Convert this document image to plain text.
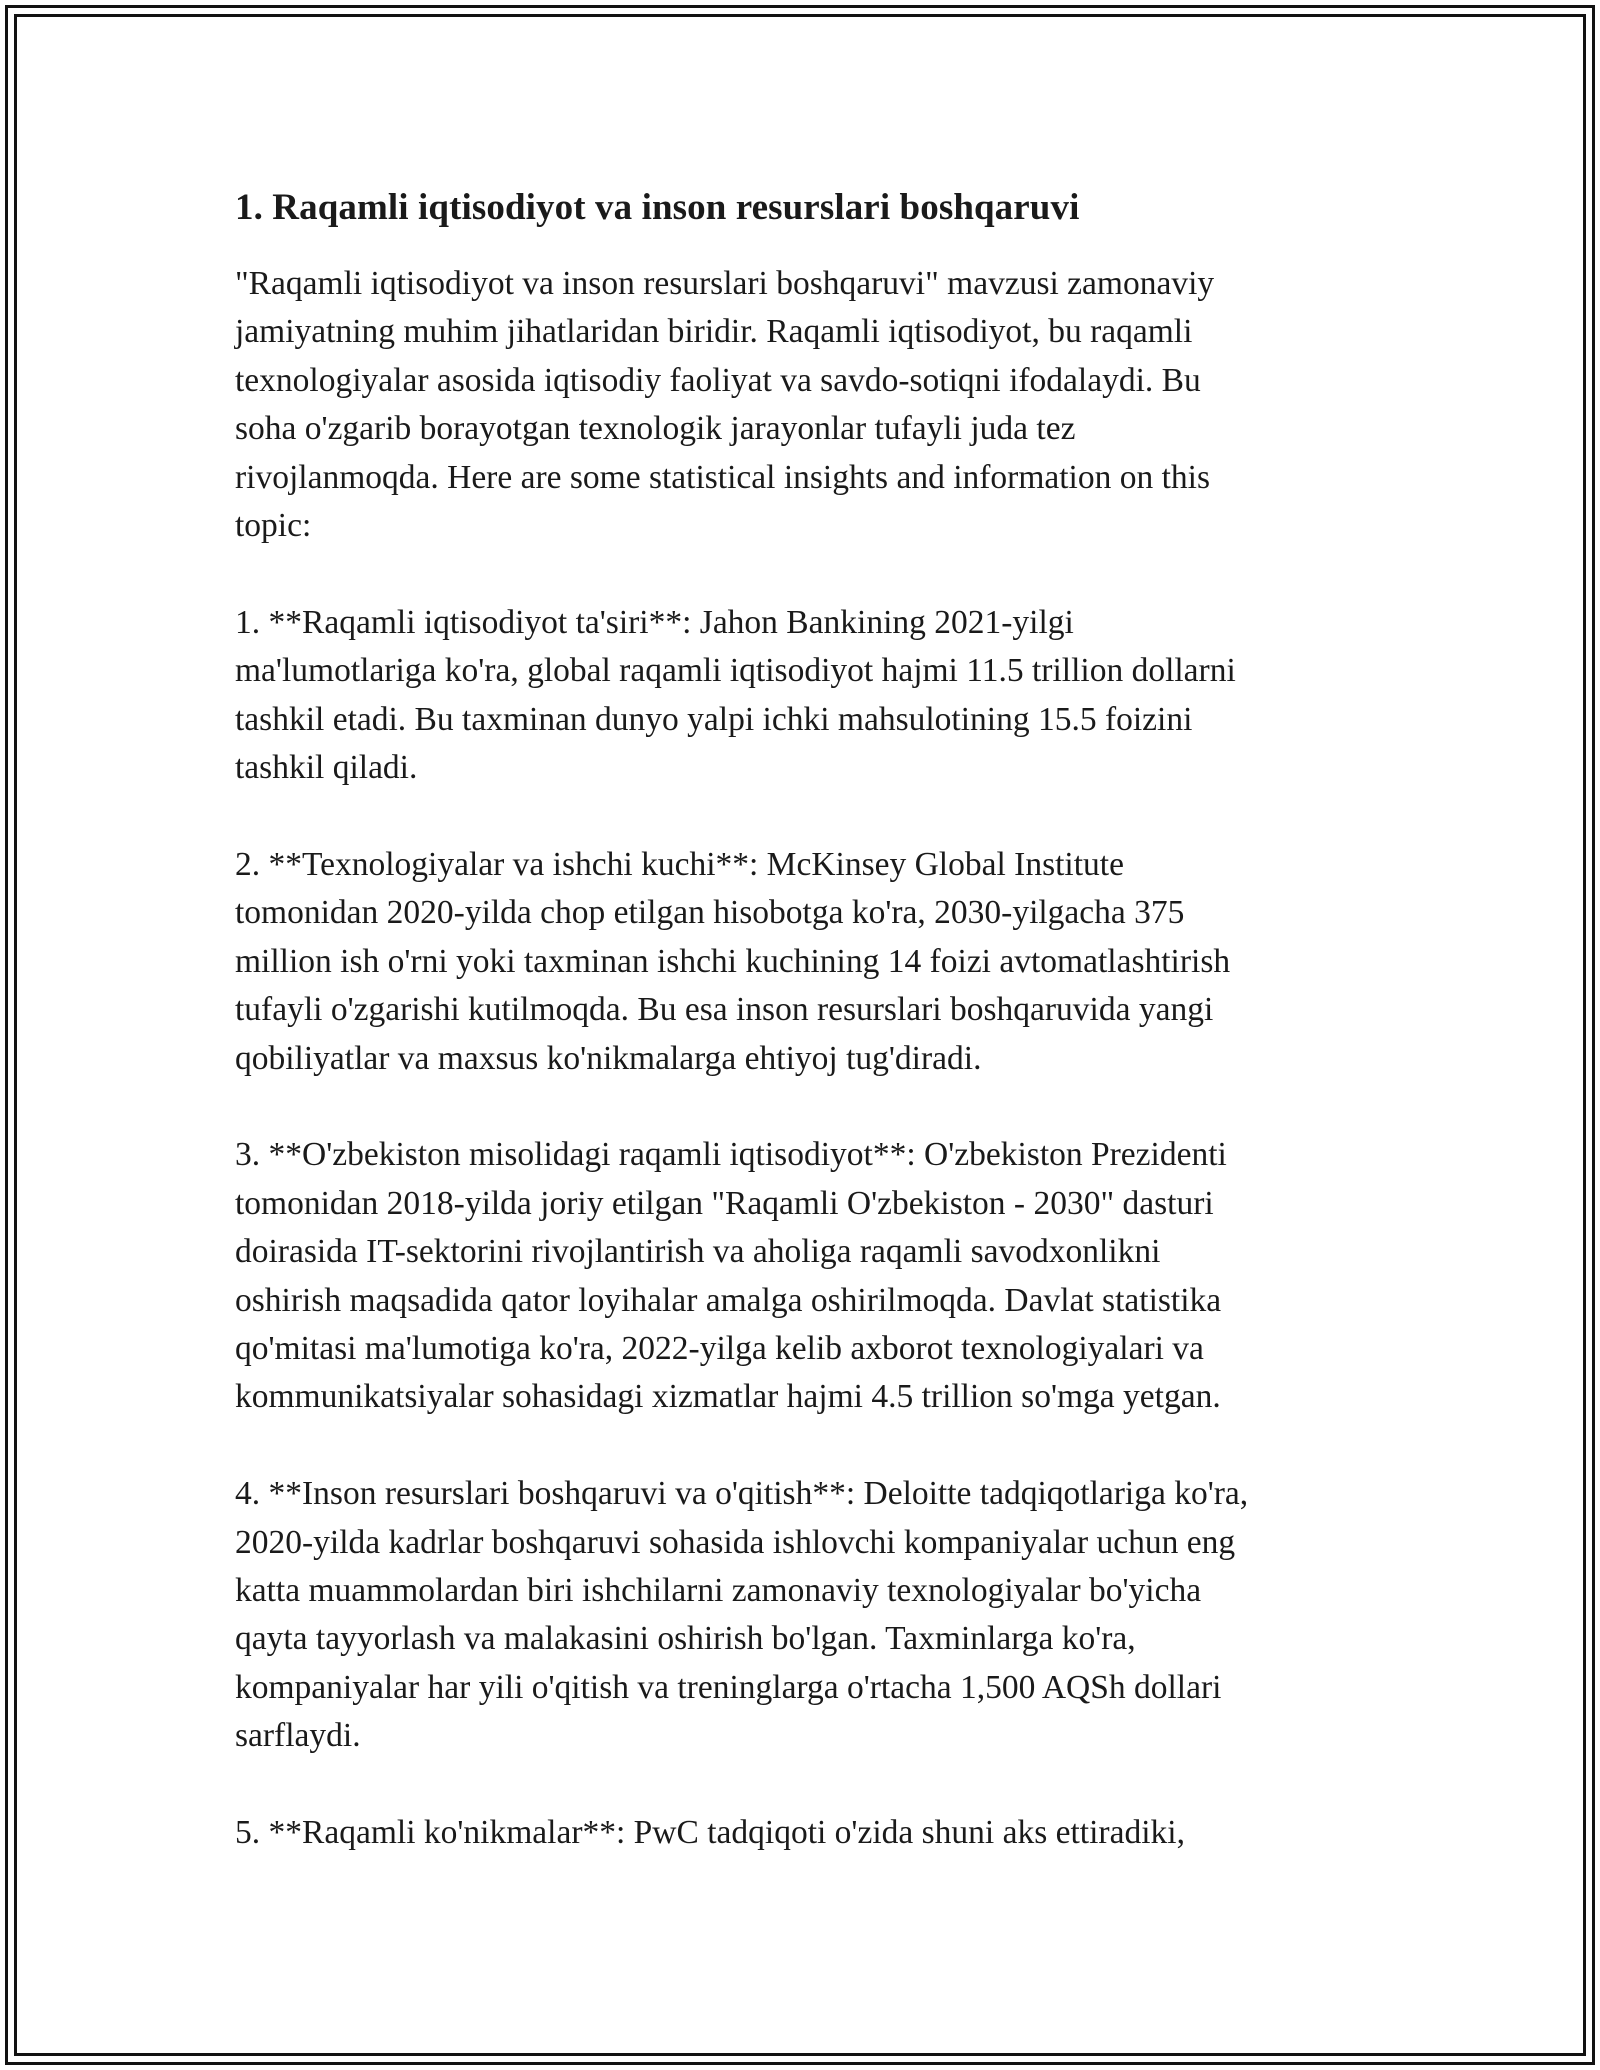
1. Raqamli iqtisodiyot va inson resurslari boshqaruvi

"Raqamli iqtisodiyot va inson resurslari boshqaruvi" mavzusi zamonaviy
jamiyatning muhim jihatlaridan biridir. Raqamli iqtisodiyot, bu raqamli
texnologiyalar asosida iqtisodiy faoliyat va savdo-sotiqni ifodalaydi. Bu
soha o'zgarib borayotgan texnologik jarayonlar tufayli juda tez
rivojlanmoqda. Here are some statistical insights and information on this
topic:

1. **Raqamli iqtisodiyot ta'siri**: Jahon Bankining 2021-yilgi
ma'lumotlariga ko'ra, global raqamli iqtisodiyot hajmi 11.5 trillion dollarni
tashkil etadi. Bu taxminan dunyo yalpi ichki mahsulotining 15.5 foizini
tashkil qiladi.

2. **Texnologiyalar va ishchi kuchi**: McKinsey Global Institute
tomonidan 2020-yilda chop etilgan hisobotga ko'ra, 2030-yilgacha 375
million ish o'rni yoki taxminan ishchi kuchining 14 foizi avtomatlashtirish
tufayli o'zgarishi kutilmoqda. Bu esa inson resurslari boshqaruvida yangi
qobiliyatlar va maxsus ko'nikmalarga ehtiyoj tug'diradi.

3. **O'zbekiston misolidagi raqamli iqtisodiyot**: O'zbekiston Prezidenti
tomonidan 2018-yilda joriy etilgan "Raqamli O'zbekiston - 2030" dasturi
doirasida IT-sektorini rivojlantirish va aholiga raqamli savodxonlikni
oshirish maqsadida qator loyihalar amalga oshirilmoqda. Davlat statistika
qo'mitasi ma'lumotiga ko'ra, 2022-yilga kelib axborot texnologiyalari va
kommunikatsiyalar sohasidagi xizmatlar hajmi 4.5 trillion so'mga yetgan.

4. **Inson resurslari boshqaruvi va o'qitish**: Deloitte tadqiqotlariga ko'ra,
2020-yilda kadrlar boshqaruvi sohasida ishlovchi kompaniyalar uchun eng
katta muammolardan biri ishchilarni zamonaviy texnologiyalar bo'yicha
qayta tayyorlash va malakasini oshirish bo'lgan. Taxminlarga ko'ra,
kompaniyalar har yili o'qitish va treninglarga o'rtacha 1,500 AQSh dollari
sarflaydi.

5. **Raqamli ko'nikmalar**: PwC tadqiqoti o'zida shuni aks ettiradiki,
